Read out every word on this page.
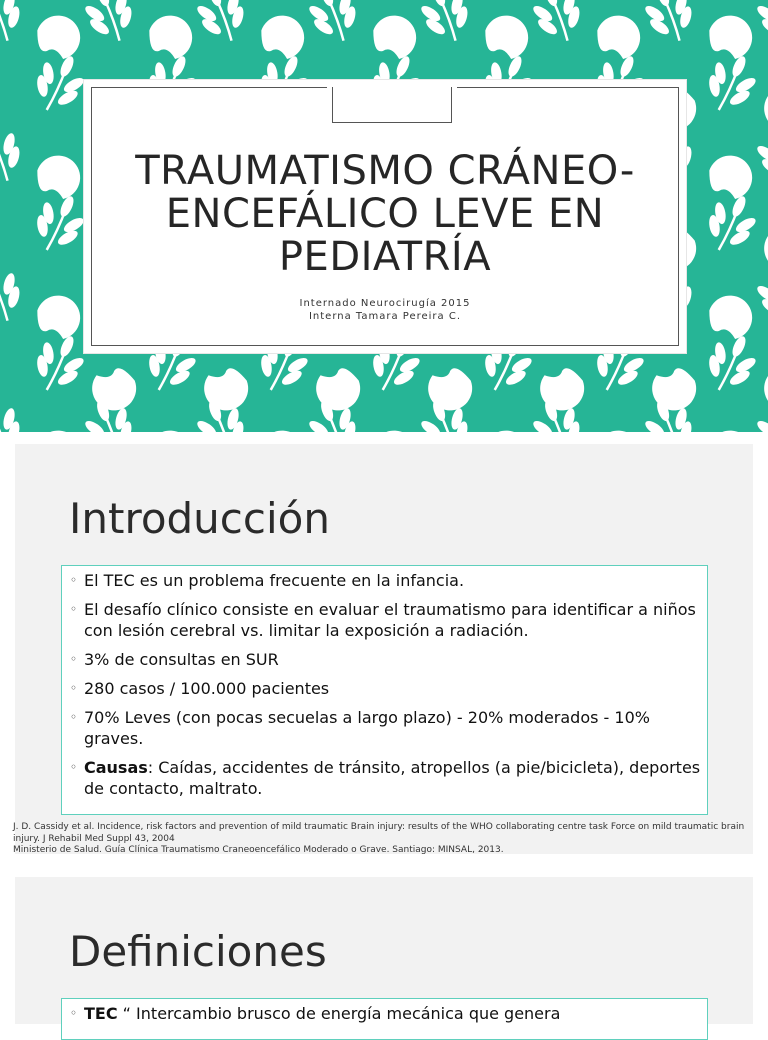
TRAUMATISMO CRÁNEO-ENCEFÁLICO LEVE EN PEDIATRÍA
Internado Neurocirugía 2015
Interna Tamara Pereira C.
Introducción
◦ El TEC es un problema frecuente en la infancia.
◦ El desafío clínico consiste en evaluar el traumatismo para identificar a niños con lesión cerebral vs. limitar la exposición a radiación.
◦ 3% de consultas en SUR
◦ 280 casos / 100.000 pacientes
◦ 70% Leves (con pocas secuelas a largo plazo) - 20% moderados - 10% graves.
◦ Causas: Caídas, accidentes de tránsito, atropellos (a pie/bicicleta), deportes de contacto, maltrato.
J. D. Cassidy et al. Incidence, risk factors and prevention of mild traumatic Brain injury: results of the WHO collaborating centre task Force on mild traumatic brain injury. J Rehabil Med Suppl 43, 2004
Ministerio de Salud. Guía Clínica Traumatismo Craneoencefálico Moderado o Grave. Santiago: MINSAL, 2013.
Definiciones
◦ TEC “ Intercambio brusco de energía mecánica que genera
